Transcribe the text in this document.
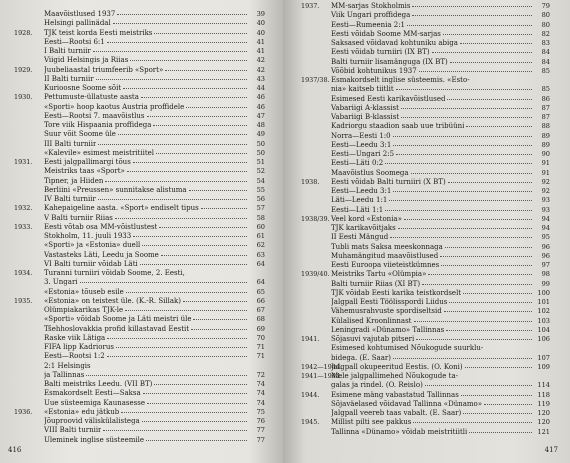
Maavõistlused 1937	39
Helsingi pallinädal	40
1928.	TJK teist korda Eesti meistriks	40
Eesti—Rootsi 6:1	41
I Balti turniir	41
Viigid Helsingis ja Riias	42
1929.	Juubeliaastal triumfeerib «Sport»	42
II Balti turniir	43
Kurioosne Soome sõit	44
1930.	Pettumuste-üllatuste aasta	46
«Sporti» hoop kaotus Austria proffidele	46
Eesti—Rootsi 7. maavõistlus	47
Tore viik Hispaania proffidega	48
Suur võit Soome üle	49
III Balti turniir	50
«Kalevile» esimest meistritiitel	50
1931.	Eesti jalgpallimargi tõus	51
Meistriks taas «Sport»	52
Tipner, ja Hiiden	54
Berliini «Preussen» sunnitakse alistuma	55
IV Balti turniir	56
1932.	Kahepaigeline aasta. «Sport» endiselt tipus	57
V Balti turniir Riias	58
1933.	Eesti võtab osa MM-võistlustest	60
Stokholm, 11. juuli 1933	61
«Sporti» ja «Estonia» duell	62
Vastasteks Läti, Leedu ja Soome	63
VI Balti turniir võidab Läti	64
1934.	Turanni turniiri võidab Soome, 2. Eesti,
3. Ungari	64
«Estonia» tõuseb esile	65
1935.	«Estonia» on teistest üle. (K.-R. Sillak)	66
Olümpiakarikas TJK-le	67
«Sporti» võidab Soome ja Läti meistri üle	68
Tšehhoslovakkia profid killastavad Eestit	69
Raske viik Lätiga	70
FIFA lipp Kadriorus	71
Eesti—Rootsi 1:2	71
2:1 Helsingis
ja Tallinnas	72
Balti meistriks Leedu. (VII BT)	74
Esmakordselt Eesti—Saksa	74
Uue süsteemiga Kaunasesse	74
1936.	«Estonia» edu jätkub	75
Jõuproovid väliskülalistega	76
VIII Balti turniir	77
Üleminek inglise süsteemile	77
416
1937.	MM-sarjas Stokholmis	79
Viik Ungari proffidega	80
Eesti—Rumeenia 2:1	80
Eesti võidab Soome MM-sarjas	82
Saksased võidavad kohtuniku abiga	83
Eesti võidab turniiri (IX BT)	84
Balti turniir lisamänguga (IX BT)	84
Võõbid kohtunikus 1937	85
1937/38. Esmakordselt inglise süsteemis. «Esto-
nia» kaitseb tiitlit	85
Esimesed Eesti karikavõistlused	86
Vabariigi A-klassist	87
Vabariigi B-klassist	87
Kadriorgu staadion saab uue tribüüni	88
Norra—Eesti 1:0	89
Eesti—Leedu 3:1	89
Eesti—Ungari 2:5	90
Eesti—Läti 0:2	91
Maavõistlus Soomega	91
1938.	Eesti võidab Balti turniiri (X BT)	92
Eesti—Leedu 3:1	92
Läti—Leedu 1:1	93
Eesti—Läti 1:1	93
1938/39. Veel kord «Estonia»	94
TJK karikavõitjaks	94
II Eesti Mängud	95
Tubli mats Saksa meeskonnaga	96
Muhamängitud maavõistlused	96
Eesti Euroopa viieteistkümnes	97
1939/40. Meistriks Tartu «Olümpia»	98
Balti turniir Riias (XI BT)	99
TJK võidab Eesti karika teistkordselt	100
Jalgpall Eesti Töölisspordi Liidus	101
Vähemusrahvuste spordiseltsid	102
Külalised Kroonlinnast	103
Leningradi «Dünamo» Tallinnas	104
1941.	Sõjasuvi vajutab pitseri	106
Esimesed kohtumised Nõukogude suurklu-
bidega. (E. Saar)	107
1942—1944.
Jalgpall okupeeritud Eestis. (O. Koni)	109
1941—1944.
Mele jalgpallimehed Nõukogude ta-
galas ja rindel. (O. Reislo)	114
1944.	Esimene mäng vabastatud Tallinnas	118
Sõjaväelased võidavad Tallinna «Dünamo»	119
Jalgpall veereb taas vabalt. (E. Saar)	120
1945.	Millist pilti see pakkus	120
Tallinna «Dünamo» võidab meistritiitli	121
417
